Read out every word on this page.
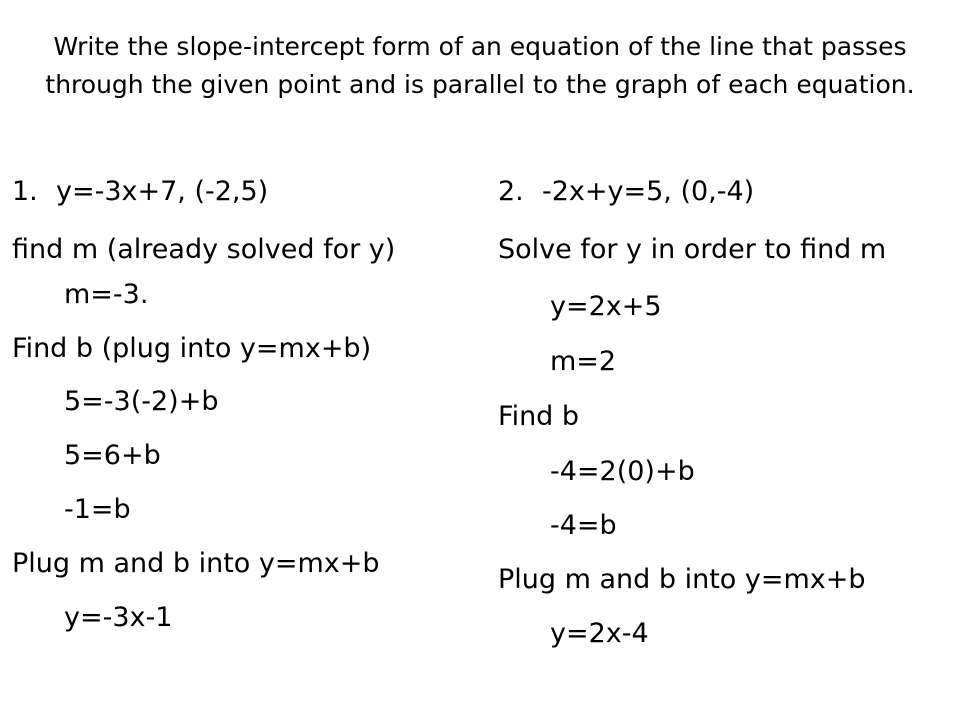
Write the slope-intercept form of an equation of the line that passes through the given point and is parallel to the graph of each equation.
1. y=-3x+7, (-2,5)
find m (already solved for y)
m=-3.
Find b (plug into y=mx+b)
5=-3(-2)+b
5=6+b
-1=b
Plug m and b into y=mx+b
y=-3x-1
2. -2x+y=5, (0,-4)
Solve for y in order to find m
y=2x+5
m=2
Find b
-4=2(0)+b
-4=b
Plug m and b into y=mx+b
y=2x-4
